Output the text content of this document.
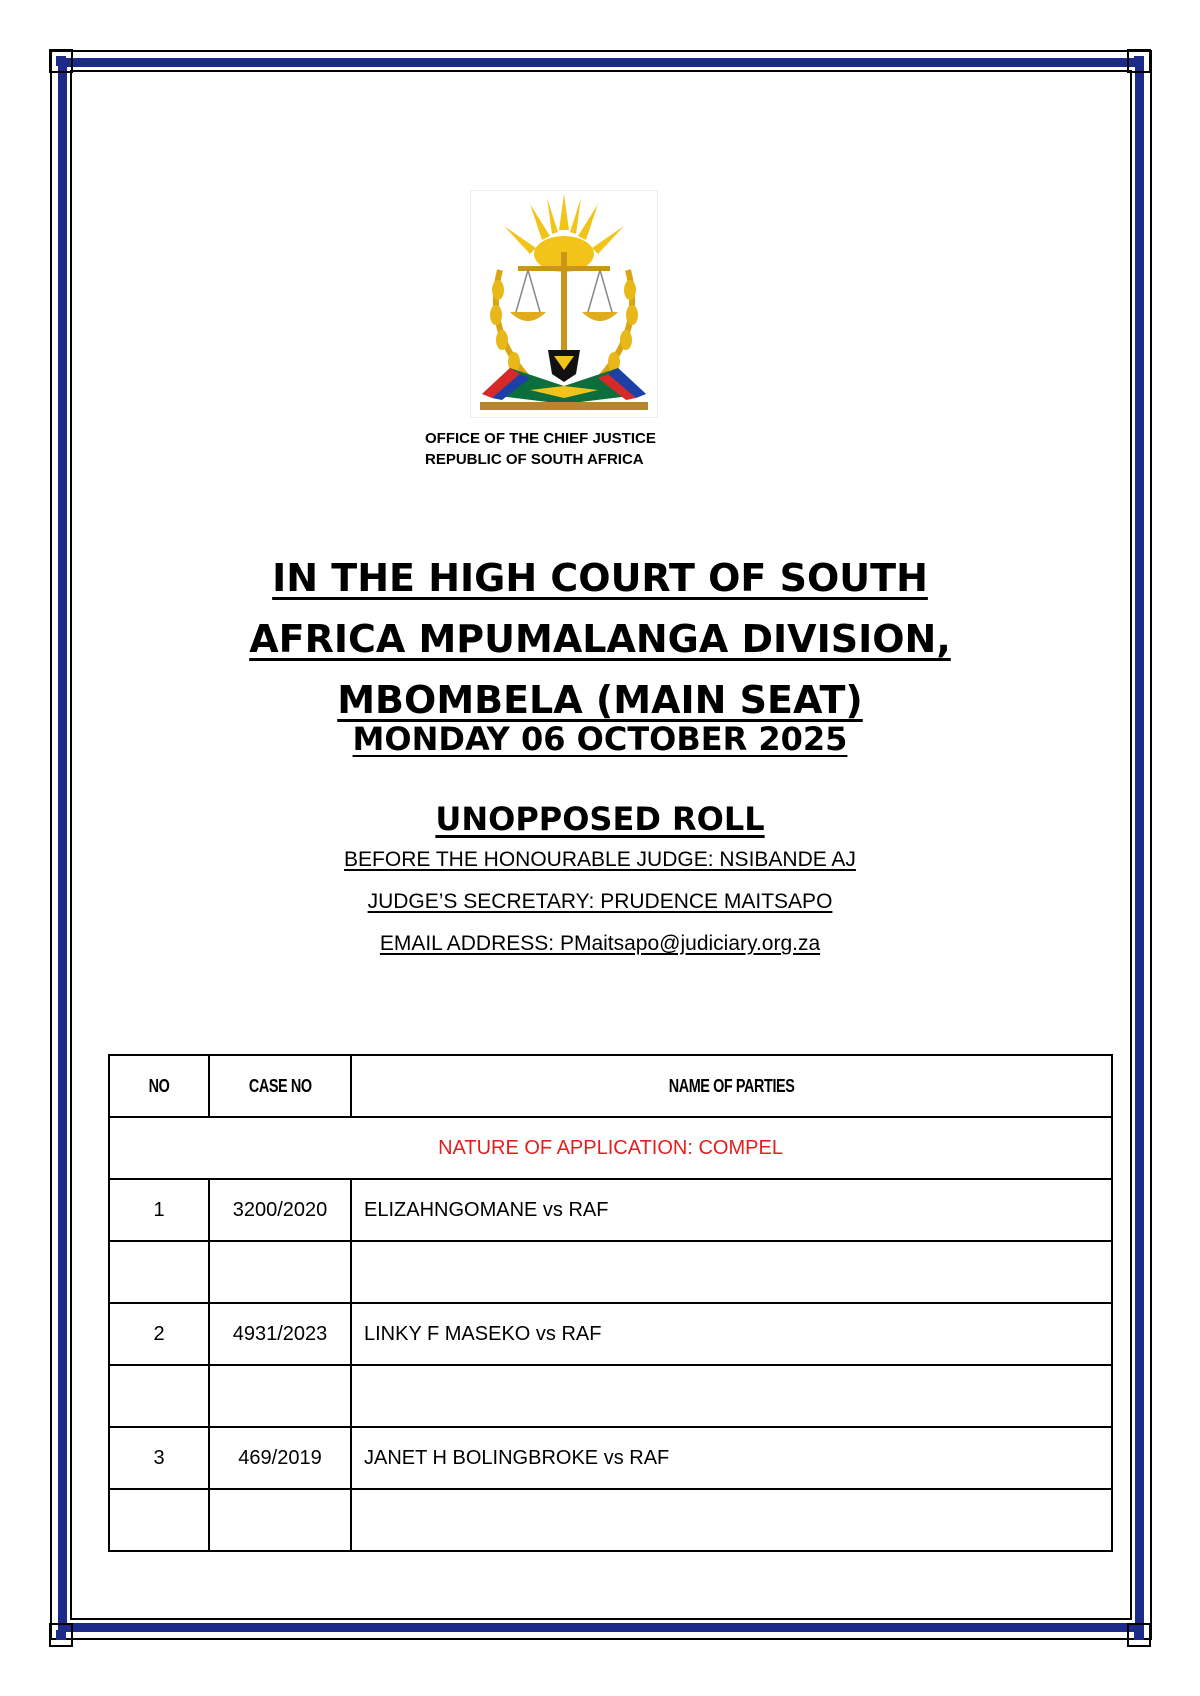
OFFICE OF THE CHIEF JUSTICE
REPUBLIC OF SOUTH AFRICA
IN THE HIGH COURT OF SOUTH
AFRICA MPUMALANGA DIVISION,
MBOMBELA (MAIN SEAT)
MONDAY 06 OCTOBER 2025
UNOPPOSED ROLL
BEFORE THE HONOURABLE JUDGE: NSIBANDE AJ
JUDGE’S SECRETARY: PRUDENCE MAITSAPO
EMAIL ADDRESS: PMaitsapo@judiciary.org.za
NO	CASE NO	NAME OF PARTIES
NATURE OF APPLICATION: COMPEL		
1	3200/2020	ELIZAHNGOMANE vs RAF

2	4931/2023	LINKY F MASEKO vs RAF

3	469/2019	JANET H BOLINGBROKE vs RAF
